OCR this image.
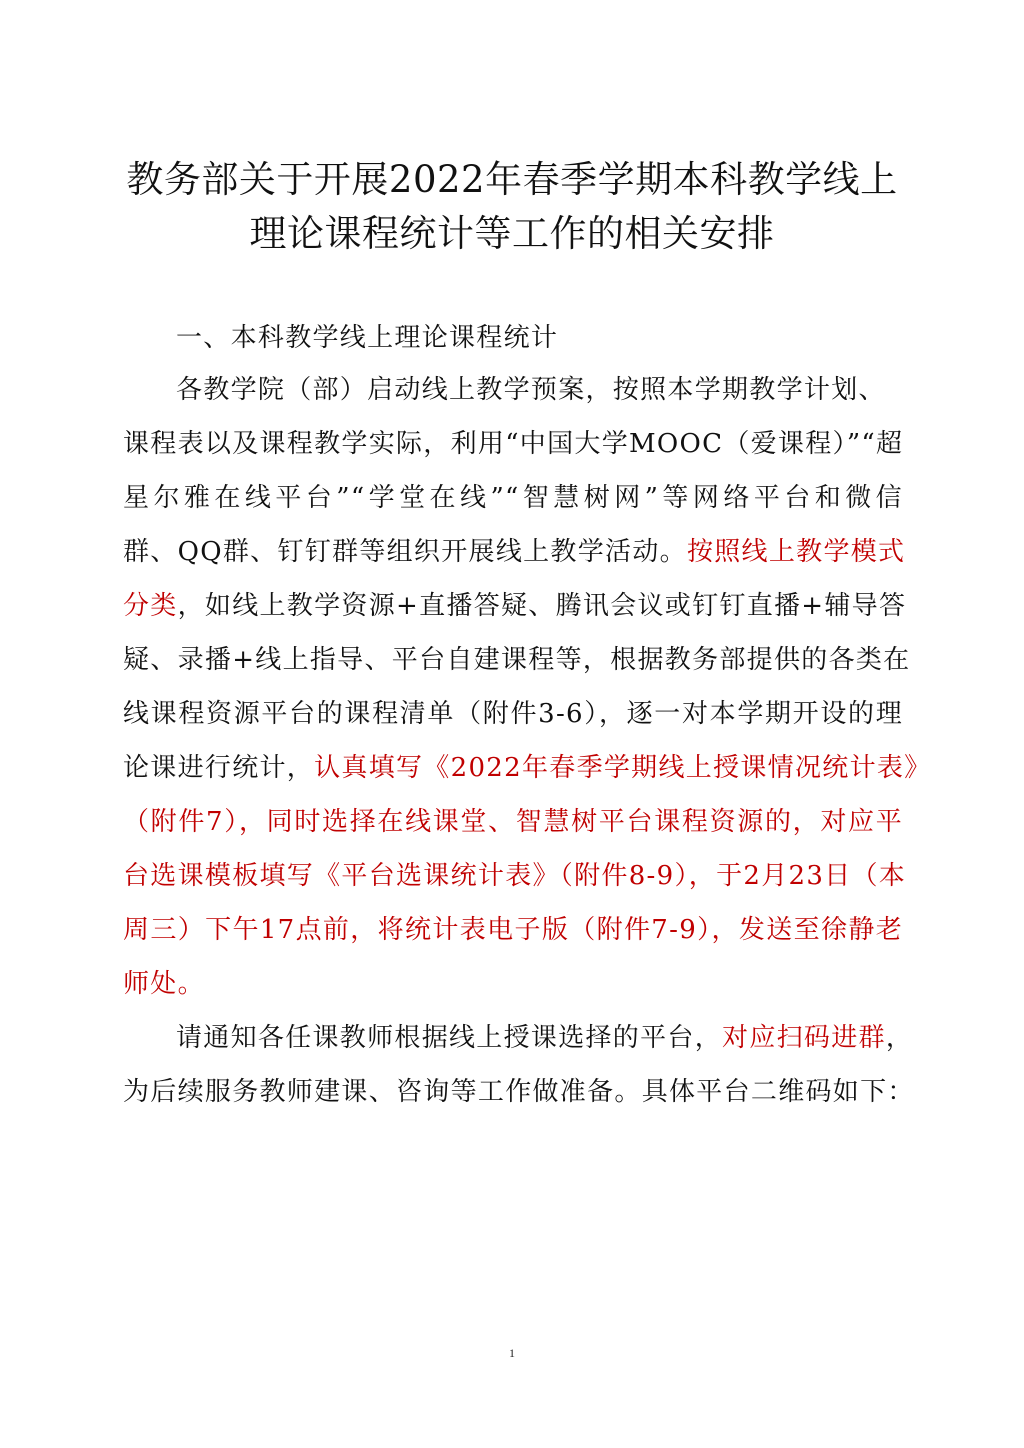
教务部关于开展2022年春季学期本科教学线上
理论课程统计等工作的相关安排
一、本科教学线上理论课程统计
各教学院（部）启动线上教学预案，按照本学期教学计划、
课程表以及课程教学实际，利用“中国大学MOOC（爱课程）”“超
星尔雅在线平台”“学堂在线”“智慧树网”等网络平台和微信
群、QQ群、钉钉群等组织开展线上教学活动。按照线上教学模式
分类，如线上教学资源+直播答疑、腾讯会议或钉钉直播+辅导答
疑、录播+线上指导、平台自建课程等，根据教务部提供的各类在
线课程资源平台的课程清单（附件3-6），逐一对本学期开设的理
论课进行统计，认真填写《2022年春季学期线上授课情况统计表》
（附件7），同时选择在线课堂、智慧树平台课程资源的，对应平
台选课模板填写《平台选课统计表》（附件8-9），于2月23日（本
周三）下午17点前，将统计表电子版（附件7-9），发送至徐静老
师处。
请通知各任课教师根据线上授课选择的平台，对应扫码进群，
为后续服务教师建课、咨询等工作做准备。具体平台二维码如下：
1
